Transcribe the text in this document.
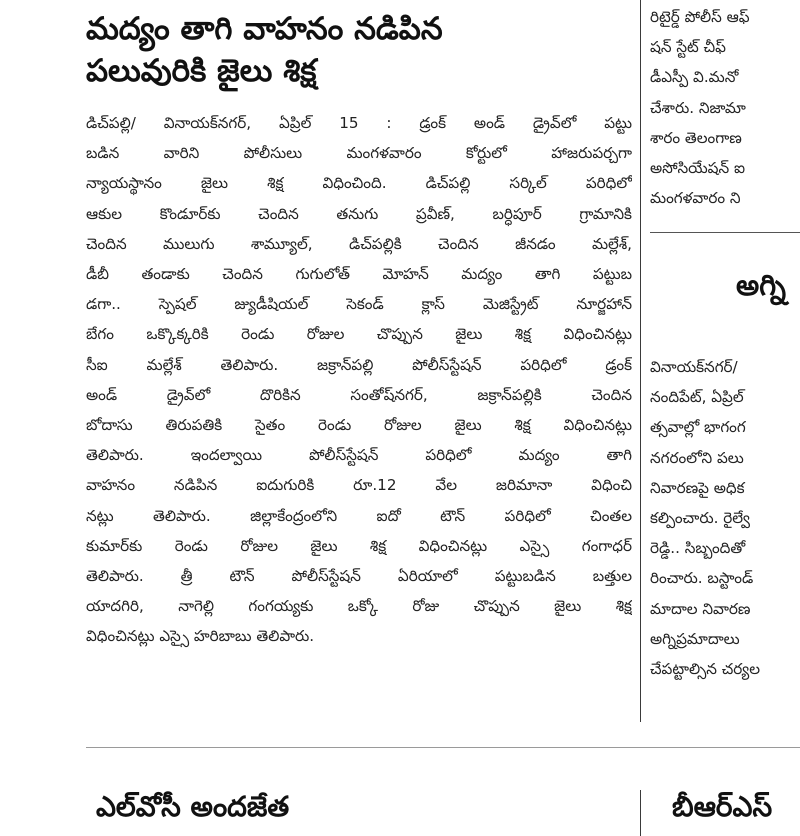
మద్యం తాగి వాహనం నడిపిన
పలువురికి జైలు శిక్ష
డిచ్‌పల్లి/ వినాయక్‌నగర్, ఏప్రిల్ 15 : డ్రంక్ అండ్ డ్రైవ్‌లో పట్టు
బడిన వారిని పోలీసులు మంగళవారం కోర్టులో హాజరుపర్చగా
న్యాయస్థానం జైలు శిక్ష విధించింది. డిచ్‌పల్లి సర్కిల్ పరిధిలో
ఆకుల కొండూర్‌కు చెందిన తనుగు ప్రవీణ్, బర్ధిపూర్ గ్రామానికి
చెందిన ములుగు శామ్యూల్, డిచ్‌పల్లికి చెందిన జీనడం మల్లేశ్,
డీబీ తండాకు చెందిన గుగులోత్ మోహన్ మద్యం తాగి పట్టుబ
డగా.. స్పెషల్ జ్యుడీషియల్ సెకండ్ క్లాస్ మెజిస్ట్రేట్ నూర్జహాన్
బేగం ఒక్కొక్కరికి రెండు రోజుల చొప్పున జైలు శిక్ష విధించినట్లు
సీఐ మల్లేశ్ తెలిపారు. జక్రాన్‌పల్లి పోలీస్‌స్టేషన్ పరిధిలో డ్రంక్
అండ్ డ్రైవ్‌లో దొరికిన సంతోష్‌నగర్, జక్రాన్‌పల్లికి చెందిన
బోదాసు తిరుపతికి సైతం రెండు రోజుల జైలు శిక్ష విధించినట్లు
తెలిపారు. ఇందల్వాయి పోలీస్‌స్టేషన్ పరిధిలో మద్యం తాగి
వాహనం నడిపిన ఐదుగురికి రూ.12 వేల జరిమానా విధించి
నట్లు తెలిపారు. జిల్లాకేంద్రంలోని ఐదో టౌన్ పరిధిలో చింతల
కుమార్‌కు రెండు రోజుల జైలు శిక్ష విధించినట్లు ఎస్సై గంగాధర్
తెలిపారు. త్రీ టౌన్ పోలీస్‌స్టేషన్ ఏరియాలో పట్టుబడిన బత్తుల
యాదగిరి, నాగెల్లి గంగయ్యకు ఒక్కో రోజు చొప్పున జైలు శిక్ష
విధించినట్లు ఎస్సై హరిబాబు తెలిపారు.
రిటైర్డ్ పోలీస్ ఆఫ్
షన్ స్టేట్ చీఫ్
డీఎస్పీ వి.మనో
చేశారు. నిజామా
శారం తెలంగాణ
అసోసియేషన్ ఐ
మంగళవారం ని
అగ్ని
వినాయక్‌నగర్/
నందిపేట్, ఏప్రిల్
త్సవాల్లో భాగంగ
నగరంలోని పలు
నివారణపై అధిక
కల్పించారు. రైల్వే
రెడ్డి.. సిబ్బందితో
రించారు. బస్టాండ్
మాదాల నివారణ
అగ్నిప్రమాదాలు
చేపట్టాల్సిన చర్యల
ఎల్‌వోసీ అందజేత	బీఆర్‌ఎస్
